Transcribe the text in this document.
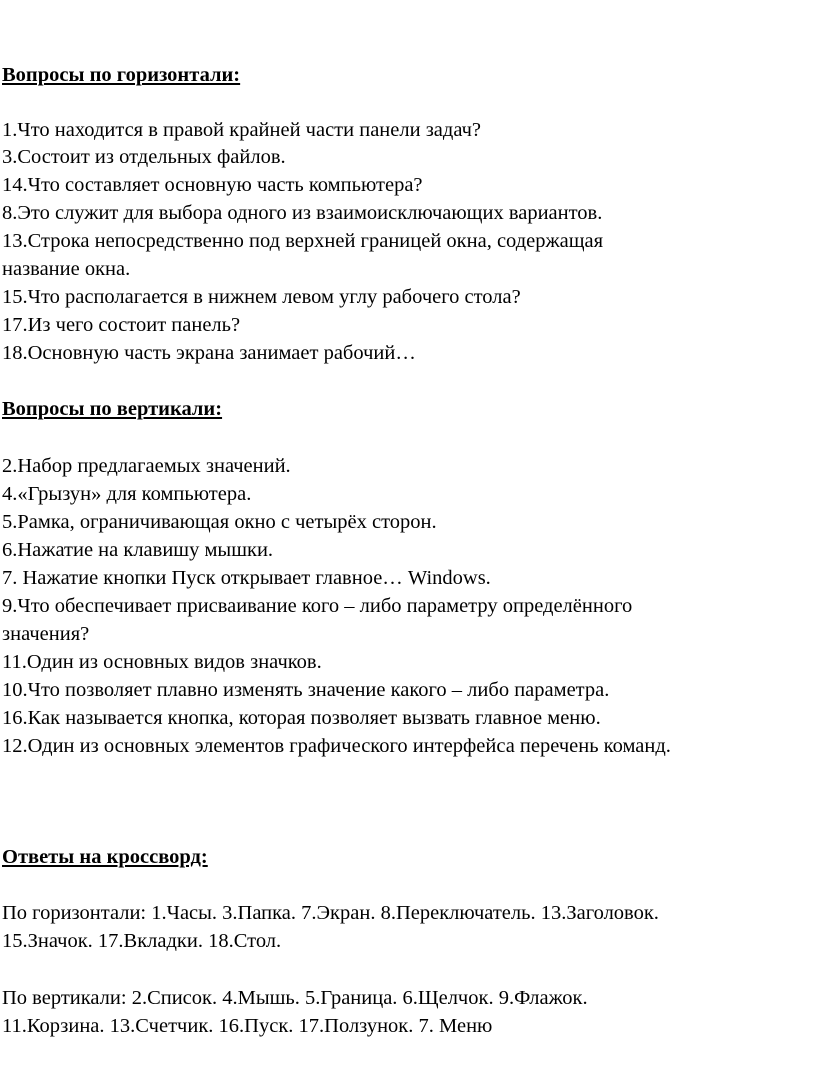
Вопросы по горизонтали:
1.Что находится в правой крайней части панели задач?
3.Состоит из отдельных файлов.
14.Что составляет основную часть компьютера?
8.Это служит для выбора одного из взаимоисключающих вариантов.
13.Строка непосредственно под верхней границей окна, содержащая
название окна.
15.Что располагается в нижнем левом углу рабочего стола?
17.Из чего состоит панель?
18.Основную часть экрана занимает рабочий…
Вопросы по вертикали:
2.Набор предлагаемых значений.
4.«Грызун» для компьютера.
5.Рамка, ограничивающая окно с четырёх сторон.
6.Нажатие на клавишу мышки.
7. Нажатие кнопки Пуск открывает главное… Windows.
9.Что обеспечивает присваивание кого – либо параметру определённого
значения?
11.Один из основных видов значков.
10.Что позволяет плавно изменять значение какого – либо параметра.
16.Как называется кнопка, которая позволяет вызвать главное меню.
12.Один из основных элементов графического интерфейса перечень команд.
Ответы на кроссворд:
По горизонтали: 1.Часы. 3.Папка. 7.Экран. 8.Переключатель. 13.Заголовок.
15.Значок. 17.Вкладки. 18.Стол.
По вертикали: 2.Список. 4.Мышь. 5.Граница. 6.Щелчок. 9.Флажок.
11.Корзина. 13.Счетчик. 16.Пуск. 17.Ползунок. 7. Меню
